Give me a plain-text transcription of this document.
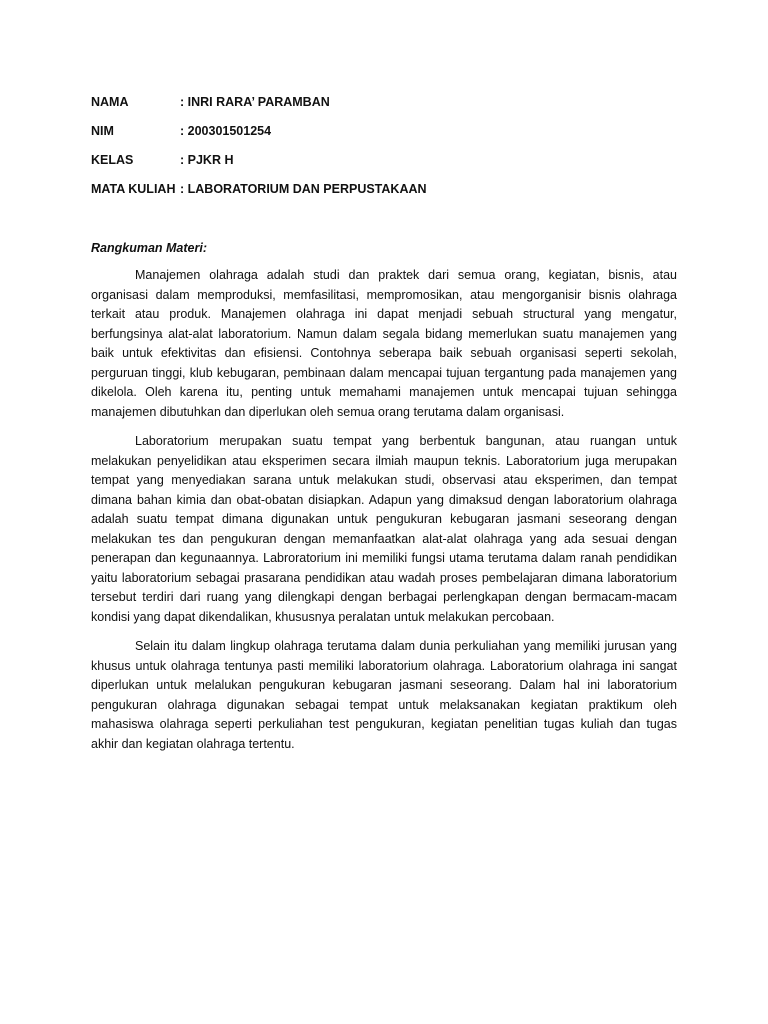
NAMA	: INRI RARA’ PARAMBAN
NIM	: 200301501254
KELAS	: PJKR H
MATA KULIAH : LABORATORIUM DAN PERPUSTAKAAN
Rangkuman Materi:

Manajemen olahraga adalah studi dan praktek dari semua orang, kegiatan, bisnis, atau organisasi dalam memproduksi, memfasilitasi, mempromosikan, atau mengorganisir bisnis olahraga terkait atau produk. Manajemen olahraga ini dapat menjadi sebuah structural yang mengatur, berfungsinya alat-alat laboratorium. Namun dalam segala bidang memerlukan suatu manajemen yang baik untuk efektivitas dan efisiensi. Contohnya seberapa baik sebuah organisasi seperti sekolah, perguruan tinggi, klub kebugaran, pembinaan dalam mencapai tujuan tergantung pada manajemen yang dikelola. Oleh karena itu, penting untuk memahami manajemen untuk mencapai tujuan sehingga manajemen dibutuhkan dan diperlukan oleh semua orang terutama dalam organisasi.

Laboratorium merupakan suatu tempat yang berbentuk bangunan, atau ruangan untuk melakukan penyelidikan atau eksperimen secara ilmiah maupun teknis. Laboratorium juga merupakan tempat yang menyediakan sarana untuk melakukan studi, observasi atau eksperimen, dan tempat dimana bahan kimia dan obat-obatan disiapkan. Adapun yang dimaksud dengan laboratorium olahraga adalah suatu tempat dimana digunakan untuk pengukuran kebugaran jasmani seseorang dengan melakukan tes dan pengukuran dengan memanfaatkan alat-alat olahraga yang ada sesuai dengan penerapan dan kegunaannya. Labroratorium ini memiliki fungsi utama terutama dalam ranah pendidikan yaitu laboratorium sebagai prasarana pendidikan atau wadah proses pembelajaran dimana laboratorium tersebut terdiri dari ruang yang dilengkapi dengan berbagai perlengkapan dengan bermacam-macam kondisi yang dapat dikendalikan, khususnya peralatan untuk melakukan percobaan.

Selain itu dalam lingkup olahraga terutama dalam dunia perkuliahan yang memiliki jurusan yang khusus untuk olahraga tentunya pasti memiliki laboratorium olahraga. Laboratorium olahraga ini sangat diperlukan untuk melalukan pengukuran kebugaran jasmani seseorang. Dalam hal ini laboratorium pengukuran olahraga digunakan sebagai tempat untuk melaksanakan kegiatan praktikum oleh mahasiswa olahraga seperti perkuliahan test pengukuran, kegiatan penelitian tugas kuliah dan tugas akhir dan kegiatan olahraga tertentu.
